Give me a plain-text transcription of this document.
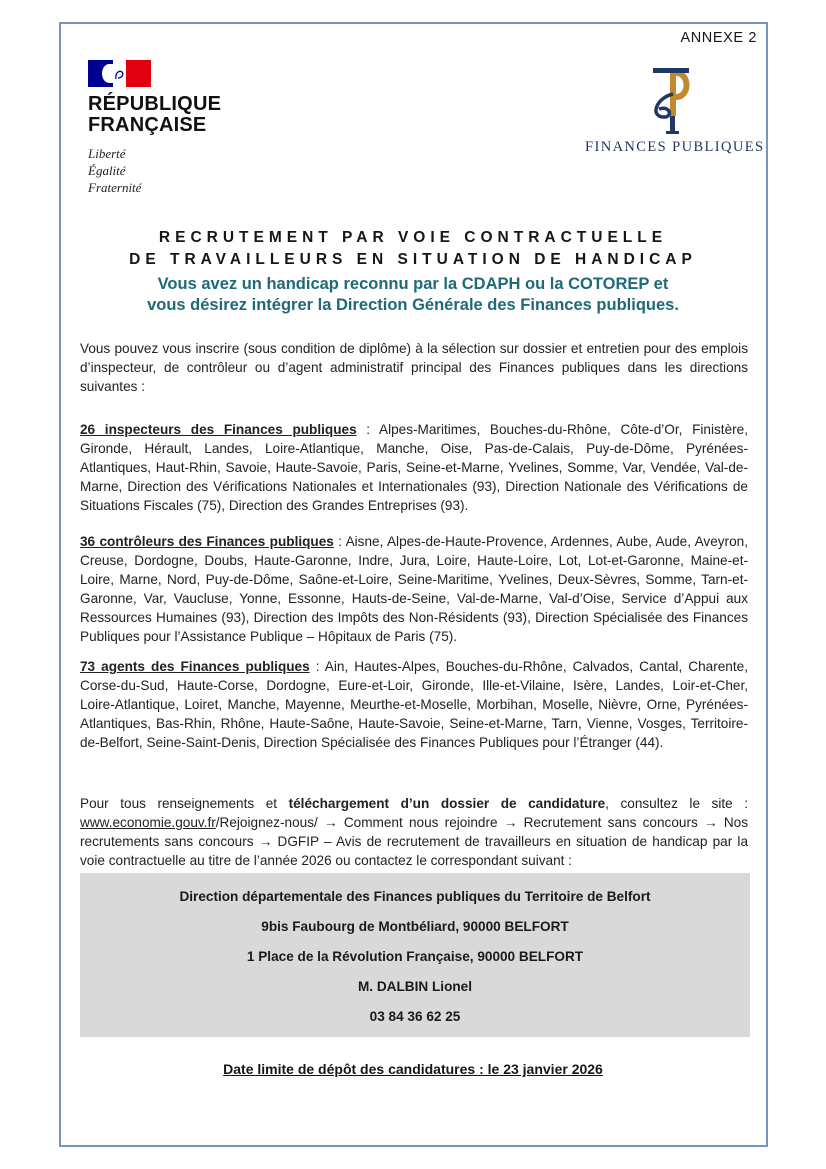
ANNEXE 2
RÉPUBLIQUE
FRANÇAISE
Liberté
Égalité
Fraternité
FINANCES PUBLIQUES
RECRUTEMENT PAR VOIE CONTRACTUELLE
DE TRAVAILLEURS EN SITUATION DE HANDICAP
Vous avez un handicap reconnu par la CDAPH ou la COTOREP et
vous désirez intégrer la Direction Générale des Finances publiques.
Vous pouvez vous inscrire (sous condition de diplôme) à la sélection sur dossier et entretien pour des emplois d’inspecteur, de contrôleur ou d’agent administratif principal des Finances publiques dans les directions suivantes :
26 inspecteurs des Finances publiques : Alpes-Maritimes, Bouches-du-Rhône, Côte-d’Or, Finistère, Gironde, Hérault, Landes, Loire-Atlantique, Manche, Oise, Pas-de-Calais, Puy-de-Dôme, Pyrénées-Atlantiques, Haut-Rhin, Savoie, Haute-Savoie, Paris, Seine-et-Marne, Yvelines, Somme, Var, Vendée, Val-de-Marne, Direction des Vérifications Nationales et Internationales (93), Direction Nationale des Vérifications de Situations Fiscales (75), Direction des Grandes Entreprises (93).
36 contrôleurs des Finances publiques : Aisne, Alpes-de-Haute-Provence, Ardennes, Aube, Aude, Aveyron, Creuse, Dordogne, Doubs, Haute-Garonne, Indre, Jura, Loire, Haute-Loire, Lot, Lot-et-Garonne, Maine-et-Loire, Marne, Nord, Puy-de-Dôme, Saône-et-Loire, Seine-Maritime, Yvelines, Deux-Sèvres, Somme, Tarn-et-Garonne, Var, Vaucluse, Yonne, Essonne, Hauts-de-Seine, Val-de-Marne, Val-d’Oise, Service d’Appui aux Ressources Humaines (93), Direction des Impôts des Non-Résidents (93), Direction Spécialisée des Finances Publiques pour l’Assistance Publique – Hôpitaux de Paris (75).
73 agents des Finances publiques : Ain, Hautes-Alpes, Bouches-du-Rhône, Calvados, Cantal, Charente, Corse-du-Sud, Haute-Corse, Dordogne, Eure-et-Loir, Gironde, Ille-et-Vilaine, Isère, Landes, Loir-et-Cher, Loire-Atlantique, Loiret, Manche, Mayenne, Meurthe-et-Moselle, Morbihan, Moselle, Nièvre, Orne, Pyrénées-Atlantiques, Bas-Rhin, Rhône, Haute-Saône, Haute-Savoie, Seine-et-Marne, Tarn, Vienne, Vosges, Territoire-de-Belfort, Seine-Saint-Denis, Direction Spécialisée des Finances Publiques pour l’Étranger (44).
Pour tous renseignements et téléchargement d’un dossier de candidature, consultez le site : www.economie.gouv.fr/Rejoignez-nous/ → Comment nous rejoindre → Recrutement sans concours → Nos recrutements sans concours → DGFIP – Avis de recrutement de travailleurs en situation de handicap par la voie contractuelle au titre de l’année 2026 ou contactez le correspondant suivant :
Direction départementale des Finances publiques du Territoire de Belfort
9bis Faubourg de Montbéliard, 90000 BELFORT
1 Place de la Révolution Française, 90000 BELFORT
M. DALBIN Lionel
03 84 36 62 25
Date limite de dépôt des candidatures : le 23 janvier 2026
